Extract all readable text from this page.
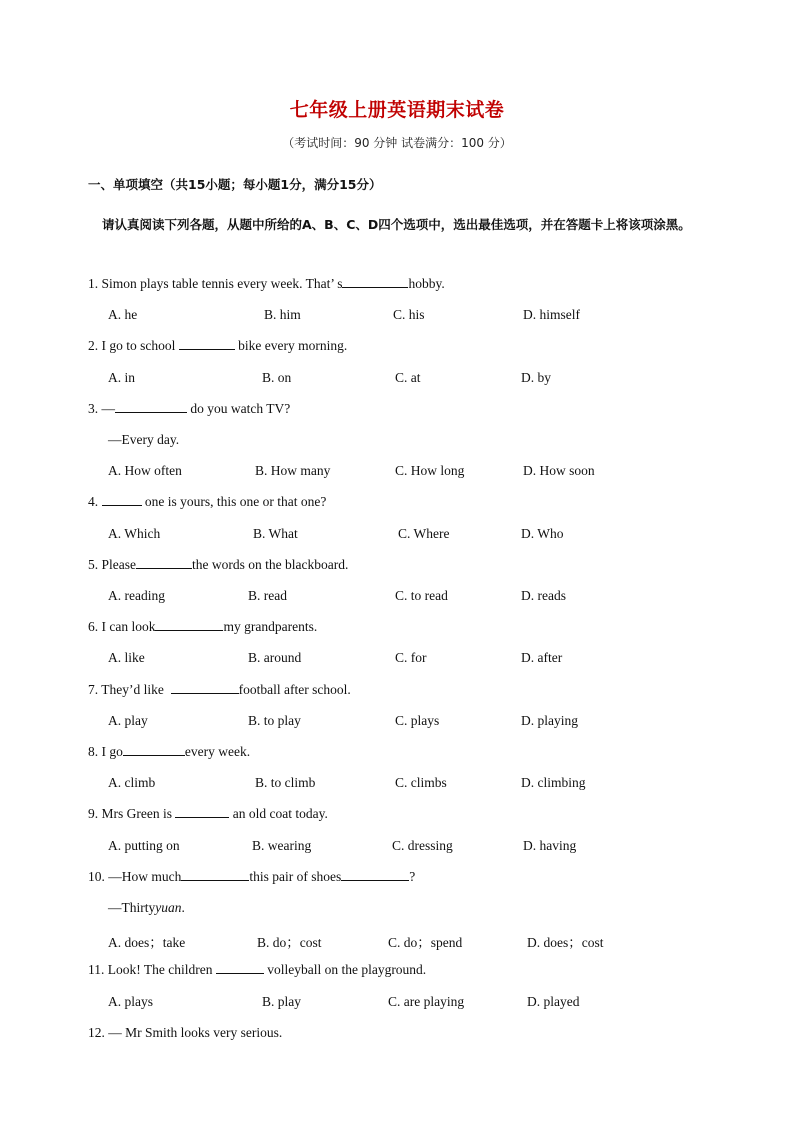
七年级上册英语期末试卷
（考试时间：90 分钟 试卷满分：100 分）
一、单项填空（共15小题；每小题1分，满分15分）
请认真阅读下列各题，从题中所给的A、B、C、D四个选项中，选出最佳选项，并在答题卡上将该项涂黑。
1. Simon plays table tennis every week. That’ s	hobby.
A. he	B. him	C. his	D. himself
2. I go to school	bike every morning.
A. in	B. on	C. at	D. by
3. —	do you watch TV?
—Every day.
A. How often	B. How many	C. How long	D. How soon
4.	one is yours, this one or that one?
A. Which	B. What	C. Where	D. Who
5. Please	the words on the blackboard.
A. reading	B. read	C. to read	D. reads
6. I can look	my grandparents.
A. like	B. around	C. for	D. after
7. They’d like	football after school.
A. play	B. to play	C. plays	D. playing
8. I go	every week.
A. climb	B. to climb	C. climbs	D. climbing
9. Mrs Green is	an old coat today.
A. putting on	B. wearing	C. dressing	D. having
10. —How much	this pair of shoes	?
—Thirtyyuan.
A. does；take	B. do；cost	C. do；spend	D. does；cost
11. Look! The children	volleyball on the playground.
A. plays	B. play	C. are playing	D. played
12. — Mr Smith looks very serious.
